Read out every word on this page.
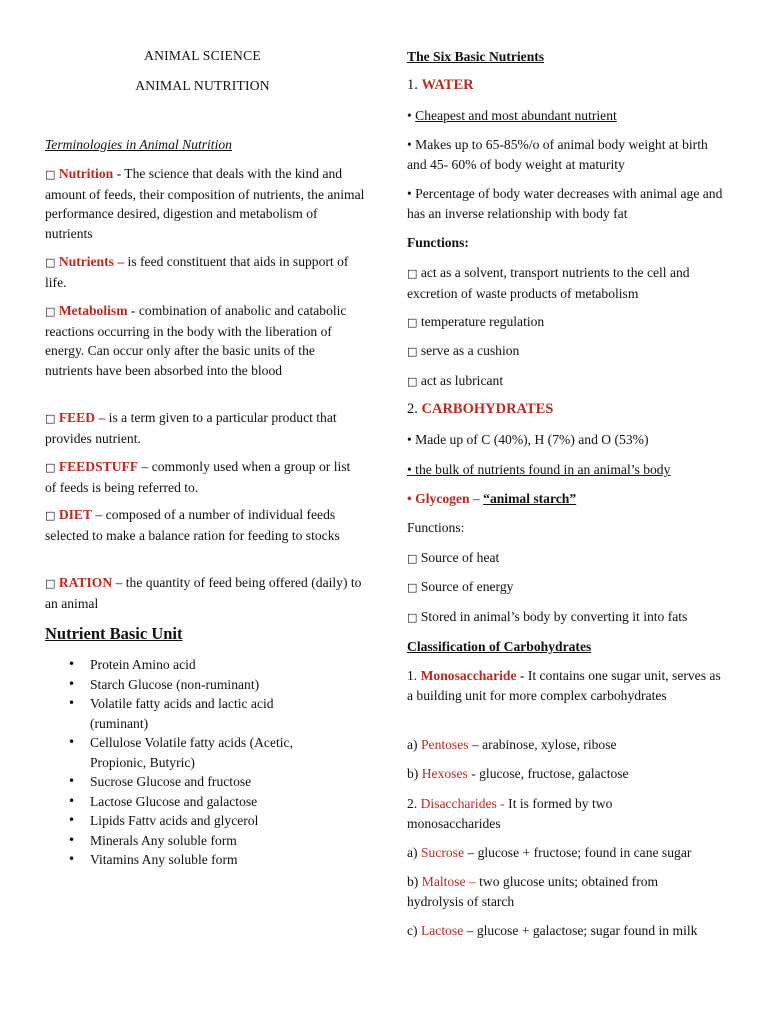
ANIMAL SCIENCE
ANIMAL NUTRITION

Terminologies in Animal Nutrition

□ Nutrition - The science that deals with the kind and amount of feeds, their composition of nutrients, the animal performance desired, digestion and metabolism of nutrients

□ Nutrients – is feed constituent that aids in support of life.

□ Metabolism - combination of anabolic and catabolic reactions occurring in the body with the liberation of energy. Can occur only after the basic units of the nutrients have been absorbed into the blood

□ FEED – is a term given to a particular product that provides nutrient.

□ FEEDSTUFF – commonly used when a group or list of feeds is being referred to.

□ DIET – composed of a number of individual feeds selected to make a balance ration for feeding to stocks

□ RATION – the quantity of feed being offered (daily) to an animal

Nutrient Basic Unit
• Protein Amino acid
• Starch Glucose (non-ruminant)
• Volatile fatty acids and lactic acid (ruminant)
• Cellulose Volatile fatty acids (Acetic, Propionic, Butyric)
• Sucrose Glucose and fructose
• Lactose Glucose and galactose
• Lipids Fattv acids and glycerol
• Minerals Any soluble form
• Vitamins Any soluble form
The Six Basic Nutrients
1. WATER
• Cheapest and most abundant nutrient
• Makes up to 65-85%/o of animal body weight at birth and 45- 60% of body weight at maturity
• Percentage of body water decreases with animal age and has an inverse relationship with body fat
Functions:
□ act as a solvent, transport nutrients to the cell and excretion of waste products of metabolism
□ temperature regulation
□ serve as a cushion
□ act as lubricant
2. CARBOHYDRATES
• Made up of C (40%), H (7%) and O (53%)
• the bulk of nutrients found in an animal’s body
• Glycogen – “animal starch”
Functions:
□ Source of heat
□ Source of energy
□ Stored in animal’s body by converting it into fats
Classification of Carbohydrates
1. Monosaccharide - It contains one sugar unit, serves as a building unit for more complex carbohydrates
a) Pentoses – arabinose, xylose, ribose
b) Hexoses - glucose, fructose, galactose
2. Disaccharides - It is formed by two monosaccharides
a) Sucrose – glucose + fructose; found in cane sugar
b) Maltose – two glucose units; obtained from hydrolysis of starch
c) Lactose – glucose + galactose; sugar found in milk
